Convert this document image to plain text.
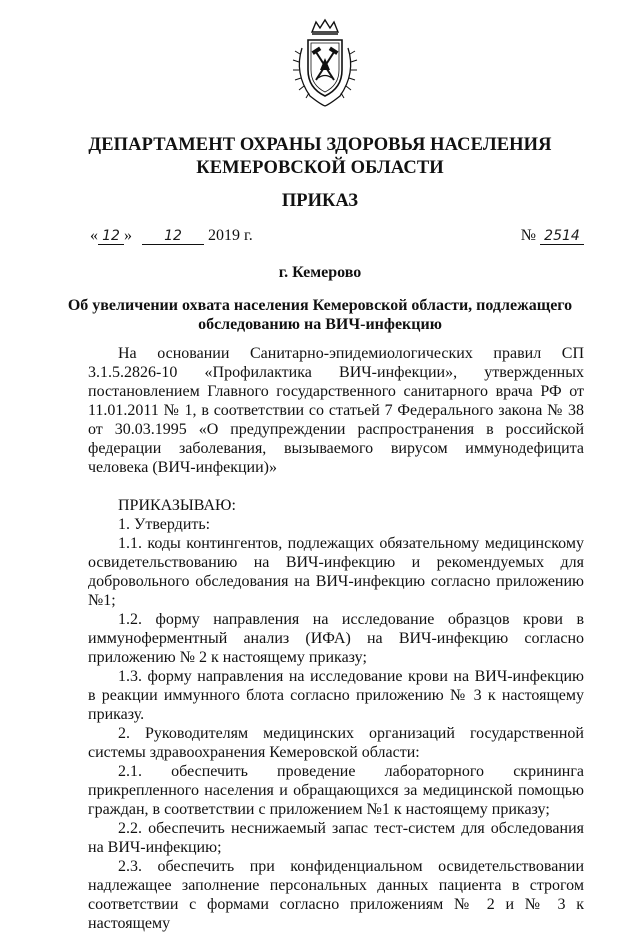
ДЕПАРТАМЕНТ ОХРАНЫ ЗДОРОВЬЯ НАСЕЛЕНИЯ
КЕМЕРОВСКОЙ ОБЛАСТИ
ПРИКАЗ
« 12 » 12 2019 г.	№ 2514
г. Кемерово
Об увеличении охвата населения Кемеровской области, подлежащего
обследованию на ВИЧ-инфекцию

На основании Санитарно-эпидемиологических правил СП 3.1.5.2826-10 «Профилактика ВИЧ-инфекции», утвержденных постановлением Главного государственного санитарного врача РФ от 11.01.2011 № 1, в соответствии со статьей 7 Федерального закона № 38 от 30.03.1995 «О предупреждении распространения в российской федерации заболевания, вызываемого вирусом иммунодефицита человека (ВИЧ-инфекции)»

ПРИКАЗЫВАЮ:

1. Утвердить:

1.1. коды контингентов, подлежащих обязательному медицинскому освидетельствованию на ВИЧ-инфекцию и рекомендуемых для добровольного обследования на ВИЧ-инфекцию согласно приложению №1;

1.2. форму направления на исследование образцов крови в иммуноферментный анализ (ИФА) на ВИЧ-инфекцию согласно приложению № 2 к настоящему приказу;

1.3. форму направления на исследование крови на ВИЧ-инфекцию в реакции иммунного блота согласно приложению № 3 к настоящему приказу.

2. Руководителям медицинских организаций государственной системы здравоохранения Кемеровской области:

2.1. обеспечить проведение лабораторного скрининга прикрепленного населения и обращающихся за медицинской помощью граждан, в соответствии с приложением №1 к настоящему приказу;

2.2. обеспечить неснижаемый запас тест-систем для обследования на ВИЧ-инфекцию;

2.3. обеспечить при конфиденциальном освидетельствовании надлежащее заполнение персональных данных пациента в строгом соответствии с формами согласно приложениям № 2 и № 3 к настоящему
